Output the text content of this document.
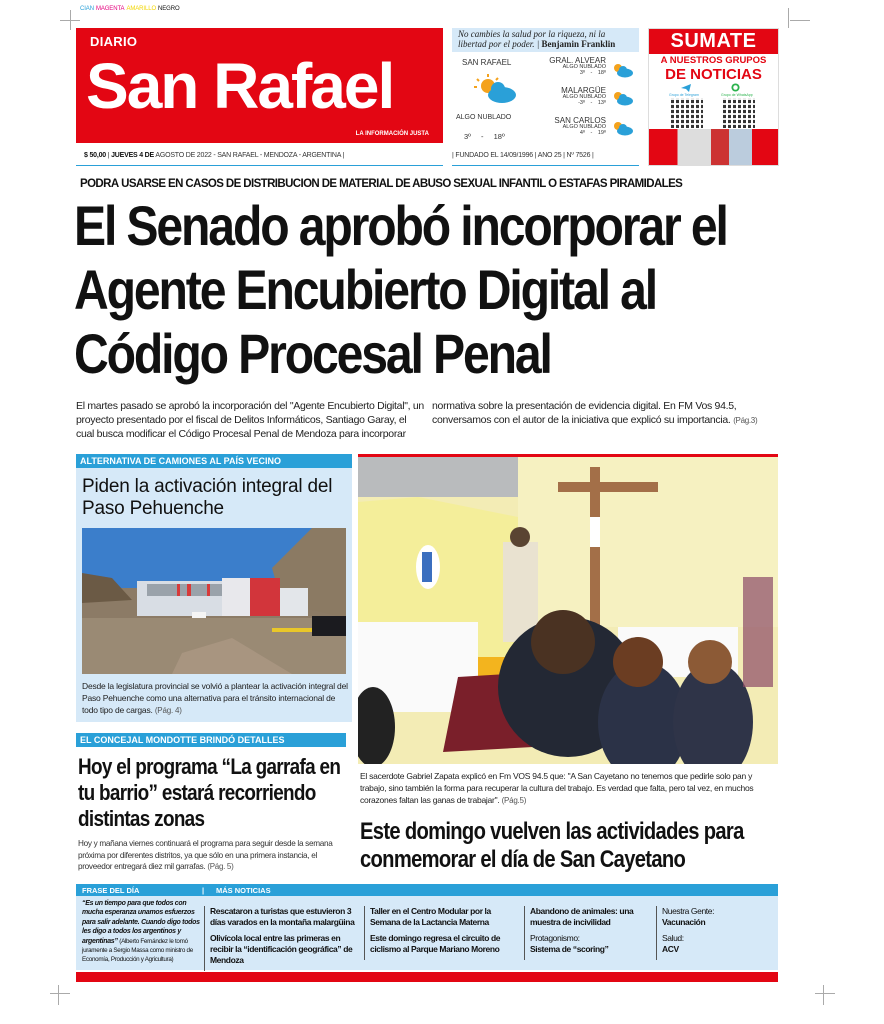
CIAN MAGENTA AMARILLO NEGRO
DIARIO
San Rafael
LA INFORMACIÓN JUSTA
$ 50,00 | JUEVES 4 DE AGOSTO DE 2022 - SAN RAFAEL - MENDOZA - ARGENTINA |
No cambies la salud por la riqueza, ni la libertad por el poder. | Benjamin Franklin
SAN RAFAEL
ALGO NUBLADO
3º - 18º
GRAL. ALVEAR
ALGO NUBLADO
3º - 18º
MALARGÜE
ALGO NUBLADO
-3º - 13º
SAN CARLOS
ALGO NUBLADO
4º - 19º
| FUNDADO EL 14/09/1996 | AÑO 25 | Nº 7526 |
SUMATE
A NUESTROS GRUPOS
DE NOTICIAS
Grupo de Telegram	Grupo de WhatsApp
PODRÁ USARSE EN CASOS DE DISTRIBUCIÓN DE MATERIAL DE ABUSO SEXUAL INFANTIL O ESTAFAS PIRAMIDALES
El Senado aprobó incorporar el Agente Encubierto Digital al Código Procesal Penal
El martes pasado se aprobó la incorporación del "Agente Encubierto Digital", un proyecto presentado por el fiscal de Delitos Informáticos, Santiago Garay, el cual busca modificar el Código Procesal Penal de Mendoza para incorporar normativa sobre la presentación de evidencia digital. En FM Vos 94.5, conversamos con el autor de la iniciativa que explicó su importancia. (Pág.3)
ALTERNATIVA DE CAMIONES AL PAÍS VECINO
Piden la activación integral del Paso Pehuenche
Desde la legislatura provincial se volvió a plantear la activación integral del Paso Pehuenche como una alternativa para el tránsito internacional de todo tipo de cargas. (Pág. 4)
EL CONCEJAL MONDOTTE BRINDÓ DETALLES
Hoy el programa “La garrafa en tu barrio” estará recorriendo distintas zonas
Hoy y mañana viernes continuará el programa para seguir desde la semana próxima por diferentes distritos, ya que sólo en una primera instancia, el proveedor entregará diez mil garrafas. (Pág. 5)
El sacerdote Gabriel Zapata explicó en Fm VOS 94.5 que: "A San Cayetano no tenemos que pedirle solo pan y trabajo, sino también la forma para recuperar la cultura del trabajo. Es verdad que falta, pero tal vez, en muchos corazones faltan las ganas de trabajar". (Pág.5)
Este domingo vuelven las actividades para conmemorar el día de San Cayetano
FRASE DEL DÍA	| MÁS NOTICIAS
“Es un tiempo para que todos con mucha esperanza unamos esfuerzos para salir adelante. Cuando digo todos les digo a todos los argentinos y argentinas” (Alberto Fernández le tomó juramente a Sergio Massa como ministro de Economía, Producción y Agricultura)

Rescataron a turistas que estuvieron 3 días varados en la montaña malargüina

Olivícola local entre las primeras en recibir la “identificación geográfica” de Mendoza

Taller en el Centro Modular por la Semana de la Lactancia Materna

Este domingo regresa el circuito de ciclismo al Parque Mariano Moreno

Abandono de animales: una muestra de incivilidad

Protagonismo:

Sistema de “scoring”

Nuestra Gente:

Vacunación

Salud:

ACV
